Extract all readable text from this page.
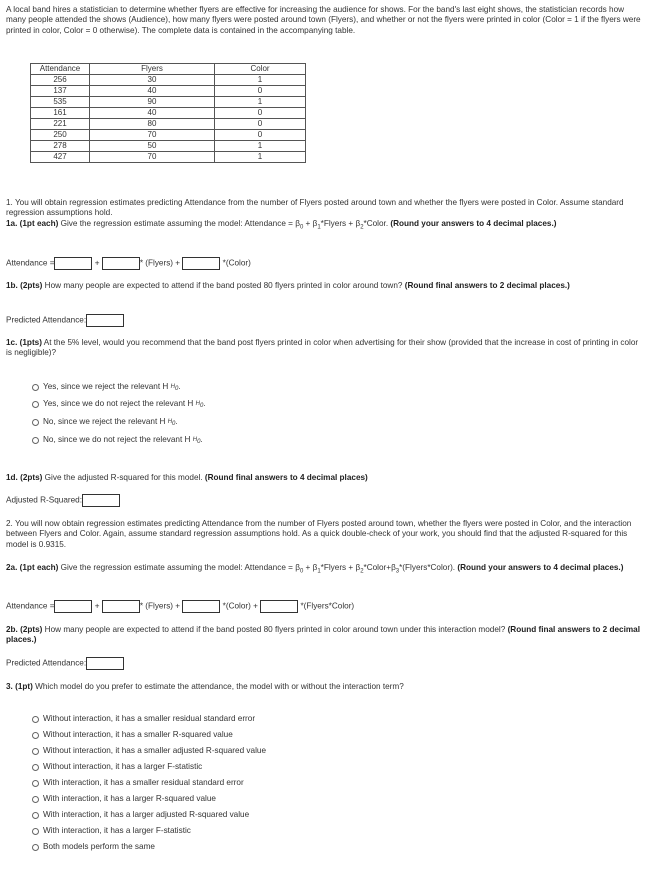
A local band hires a statistician to determine whether flyers are effective for increasing the audience for shows. For the band's last eight shows, the statistician records how many people attended the shows (Audience), how many flyers were posted around town (Flyers), and whether or not the flyers were printed in color (Color = 1 if the flyers were printed in color, Color = 0 otherwise). The complete data is contained in the accompanying table.

Attendance	Flyers	Color
256	30	1
137	40	0
535	90	1
161	40	0
221	80	0
250	70	0
278	50	1
427	70	1

1. You will obtain regression estimates predicting Attendance from the number of Flyers posted around town and whether the flyers were posted in Color. Assume standard regression assumptions hold.

1a. (1pt each) Give the regression estimate assuming the model: Attendance = $\beta_0$ + $\beta_1*Flyers$ + $\beta_2*Color$. (Round your answers to 4 decimal places.)

Attendance =	+	* (Flyers) +	*(Color)

1b. (2pts) How many people are expected to attend if the band posted 80 flyers printed in color around town? (Round final answers to 2 decimal places.)

Predicted Attendance:

1c. (1pts) At the 5% level, would you recommend that the band post flyers printed in color when advertising for their show (provided that the increase in cost of printing in color is negligible)?

Yes, since we reject the relevant H $H_0$ .
Yes, since we do not reject the relevant H $H_0$ .
No, since we reject the relevant H $H_0$ .
No, since we do not reject the relevant H $H_0$ .

1d. (2pts) Give the adjusted R-squared for this model. (Round final answers to 4 decimal places)

Adjusted R-Squared:

2. You will now obtain regression estimates predicting Attendance from the number of Flyers posted around town, whether the flyers were posted in Color, and the interaction between Flyers and Color. Again, assume standard regression assumptions hold. As a quick double-check of your work, you should find that the adjusted R-squared for this model is 0.9315.

2a. (1pt each) Give the regression estimate assuming the model: Attendance = $\beta_0$ + $\beta_1*Flyers$ + $\beta_2*Color+\beta_3*(Flyers*Color)$. (Round your answers to 4 decimal places.)

Attendance =	+	* (Flyers) +	*(Color) +	*(Flyers*Color)

2b. (2pts) How many people are expected to attend if the band posted 80 flyers printed in color around town under this interaction model? (Round final answers to 2 decimal places.)

Predicted Attendance:

3. (1pt) Which model do you prefer to estimate the attendance, the model with or without the interaction term?

Without interaction, it has a smaller residual standard error
Without interaction, it has a smaller R-squared value
Without interaction, it has a smaller adjusted R-squared value
Without interaction, it has a larger F-statistic
With interaction, it has a smaller residual standard error
With interaction, it has a larger R-squared value
With interaction, it has a larger adjusted R-squared value
With interaction, it has a larger F-statistic
Both models perform the same
